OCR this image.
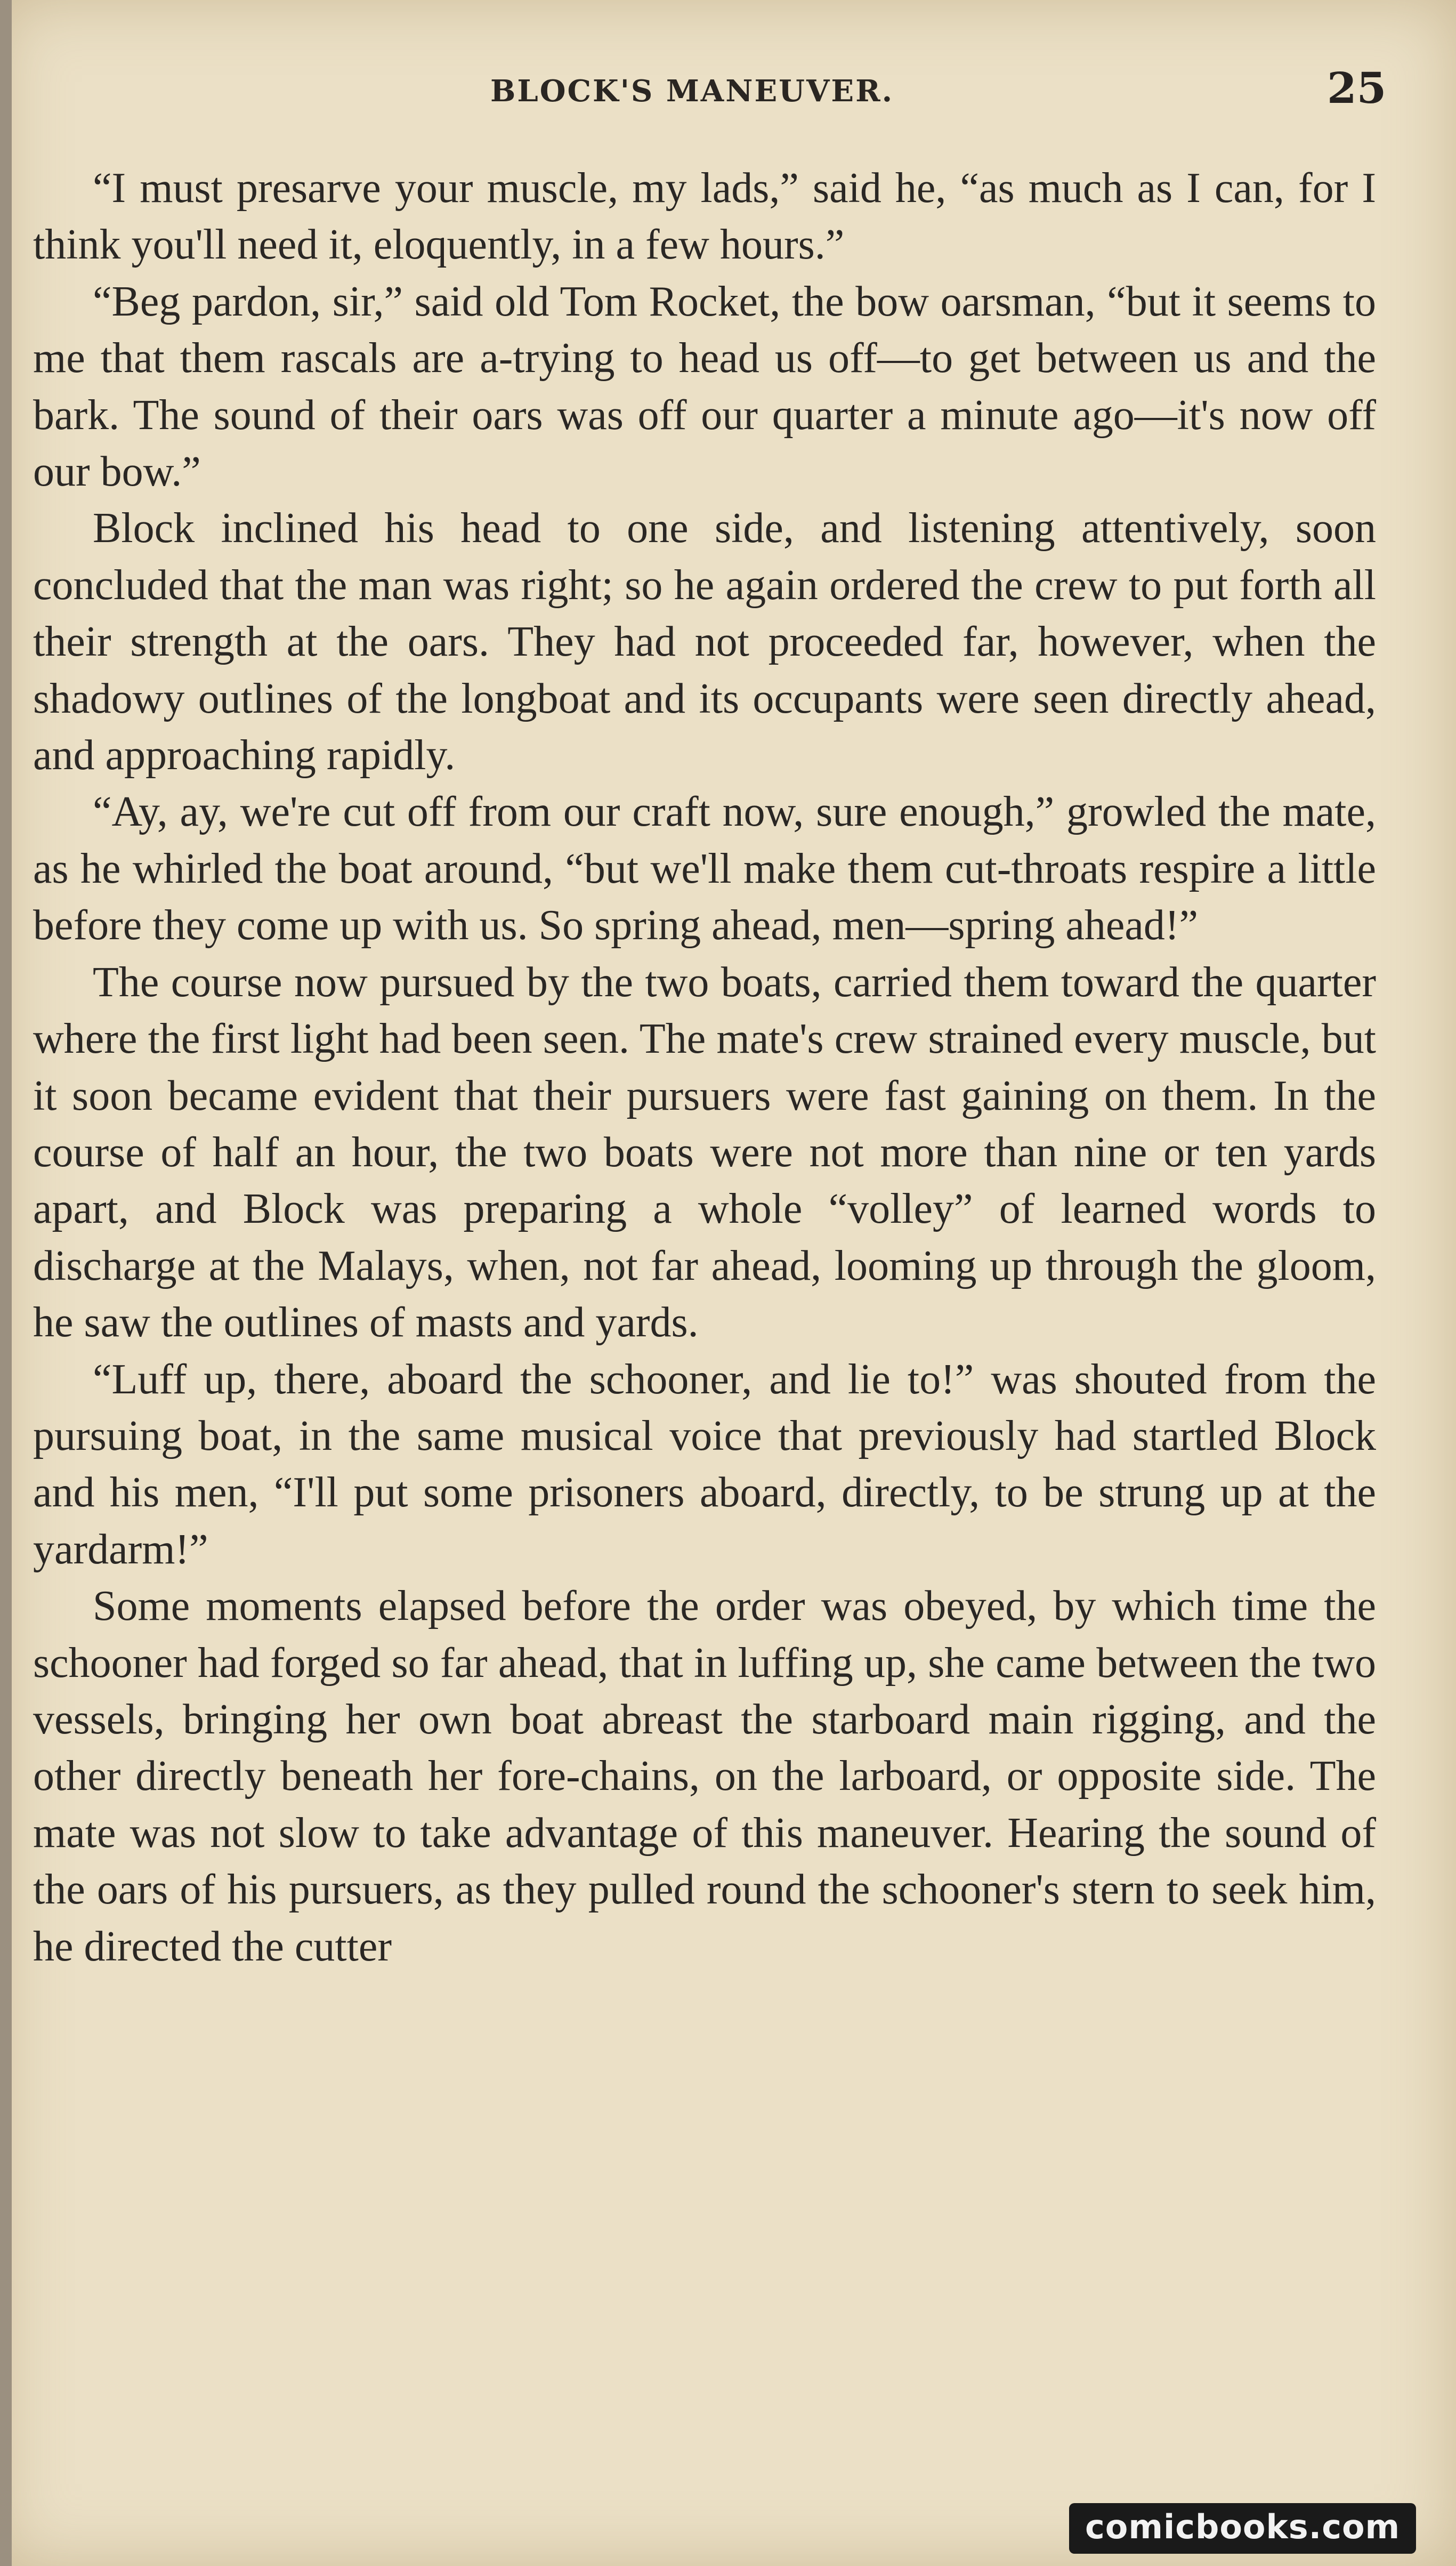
BLOCK'S MANEUVER.	25

“I must presarve your muscle, my lads,” said he, “as much as I can, for I think you'll need it, eloquently, in a few hours.”

“Beg pardon, sir,” said old Tom Rocket, the bow oarsman, “but it seems to me that them rascals are a-trying to head us off—to get between us and the bark. The sound of their oars was off our quarter a minute ago—it's now off our bow.”

Block inclined his head to one side, and listening attentively, soon concluded that the man was right; so he again ordered the crew to put forth all their strength at the oars. They had not proceeded far, however, when the shadowy outlines of the longboat and its occupants were seen directly ahead, and approaching rapidly.

“Ay, ay, we're cut off from our craft now, sure enough,” growled the mate, as he whirled the boat around, “but we'll make them cut-throats respire a little before they come up with us. So spring ahead, men—spring ahead!”

The course now pursued by the two boats, carried them toward the quarter where the first light had been seen. The mate's crew strained every muscle, but it soon became evident that their pursuers were fast gaining on them. In the course of half an hour, the two boats were not more than nine or ten yards apart, and Block was preparing a whole “volley” of learned words to discharge at the Malays, when, not far ahead, looming up through the gloom, he saw the outlines of masts and yards.

“Luff up, there, aboard the schooner, and lie to!” was shouted from the pursuing boat, in the same musical voice that previously had startled Block and his men, “I'll put some prisoners aboard, directly, to be strung up at the yardarm!”

Some moments elapsed before the order was obeyed, by which time the schooner had forged so far ahead, that in luffing up, she came between the two vessels, bringing her own boat abreast the starboard main rigging, and the other directly beneath her fore-chains, on the larboard, or opposite side. The mate was not slow to take advantage of this maneuver. Hearing the sound of the oars of his pursuers, as they pulled round the schooner's stern to seek him, he directed the cutter

comicbooks.com
